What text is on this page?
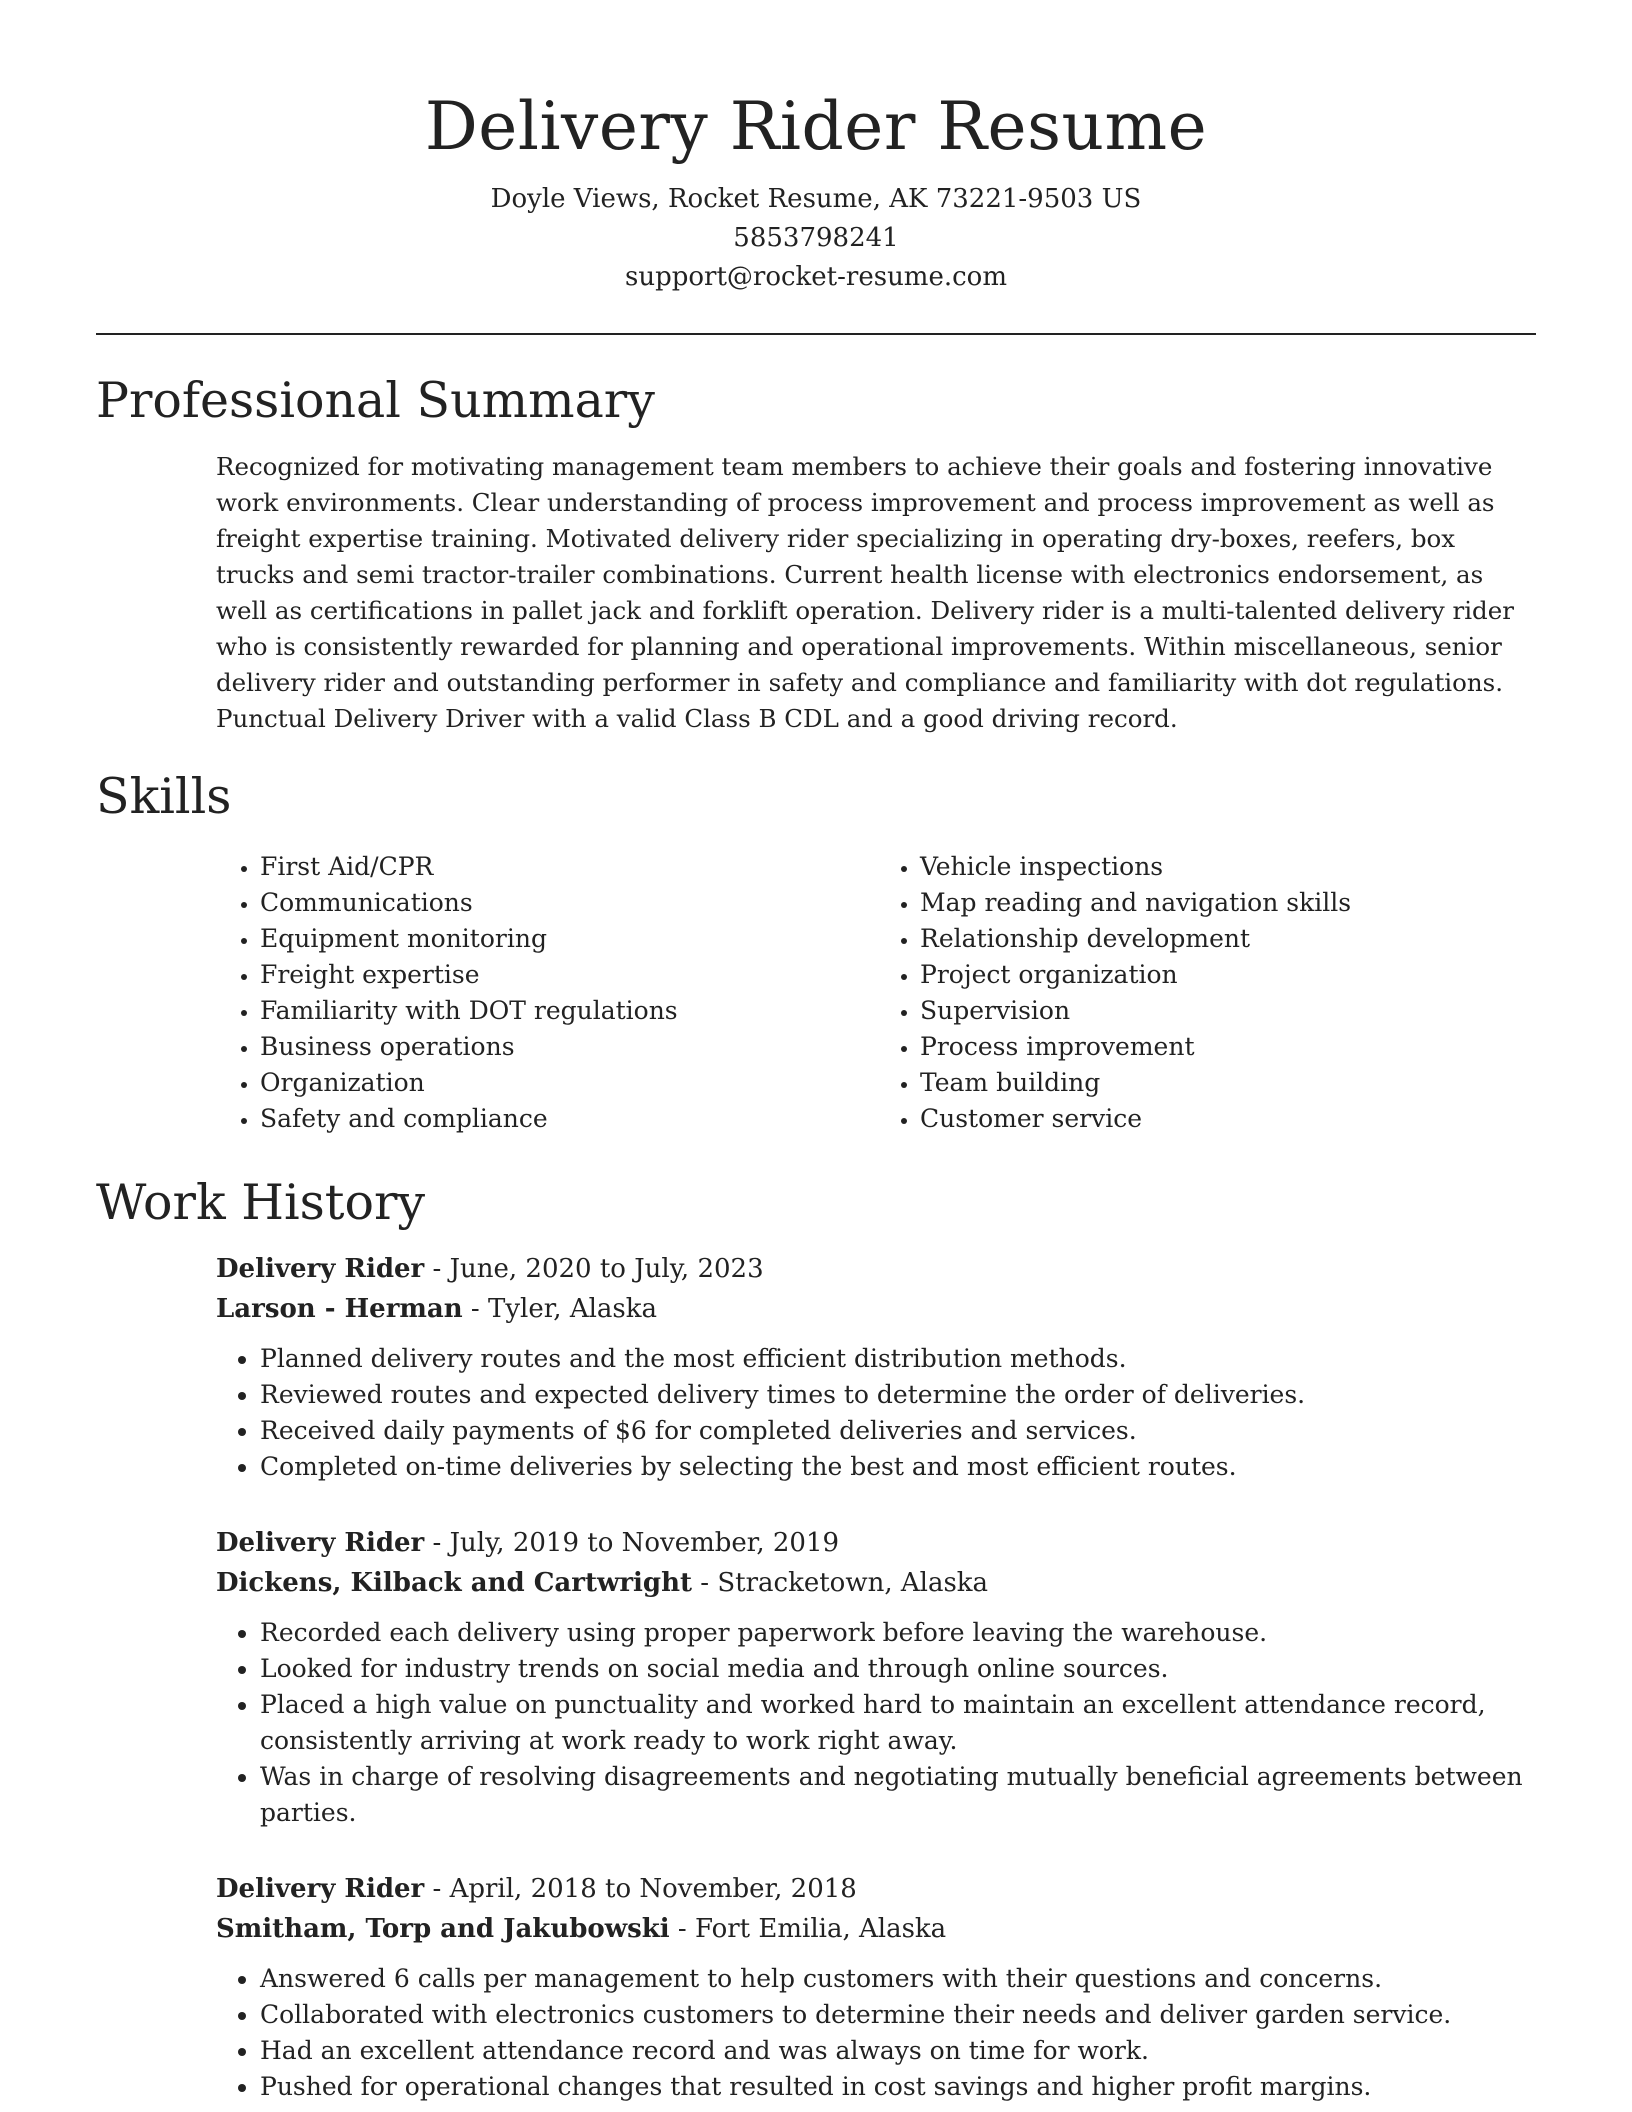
Delivery Rider Resume
Doyle Views, Rocket Resume, AK 73221-9503 US
5853798241
support@rocket-resume.com
Professional Summary

Recognized for motivating management team members to achieve their goals and fostering innovative work environments. Clear understanding of process improvement and process improvement as well as freight expertise training. Motivated delivery rider specializing in operating dry-boxes, reefers, box trucks and semi tractor-trailer combinations. Current health license with electronics endorsement, as well as certifications in pallet jack and forklift operation. Delivery rider is a multi-talented delivery rider who is consistently rewarded for planning and operational improvements. Within miscellaneous, senior delivery rider and outstanding performer in safety and compliance and familiarity with dot regulations. Punctual Delivery Driver with a valid Class B CDL and a good driving record.

Skills
• First Aid/CPR
• Communications
• Equipment monitoring
• Freight expertise
• Familiarity with DOT regulations
• Business operations
• Organization
• Safety and compliance
• Vehicle inspections
• Map reading and navigation skills
• Relationship development
• Project organization
• Supervision
• Process improvement
• Team building
• Customer service
Work History
Delivery Rider - June, 2020 to July, 2023
Larson - Herman - Tyler, Alaska
• Planned delivery routes and the most efficient distribution methods.
• Reviewed routes and expected delivery times to determine the order of deliveries.
• Received daily payments of $6 for completed deliveries and services.
• Completed on-time deliveries by selecting the best and most efficient routes.
Delivery Rider - July, 2019 to November, 2019
Dickens, Kilback and Cartwright - Stracketown, Alaska
• Recorded each delivery using proper paperwork before leaving the warehouse.
• Looked for industry trends on social media and through online sources.
• Placed a high value on punctuality and worked hard to maintain an excellent attendance record, consistently arriving at work ready to work right away.
• Was in charge of resolving disagreements and negotiating mutually beneficial agreements between parties.
Delivery Rider - April, 2018 to November, 2018
Smitham, Torp and Jakubowski - Fort Emilia, Alaska
• Answered 6 calls per management to help customers with their questions and concerns.
• Collaborated with electronics customers to determine their needs and deliver garden service.
• Had an excellent attendance record and was always on time for work.
• Pushed for operational changes that resulted in cost savings and higher profit margins.
